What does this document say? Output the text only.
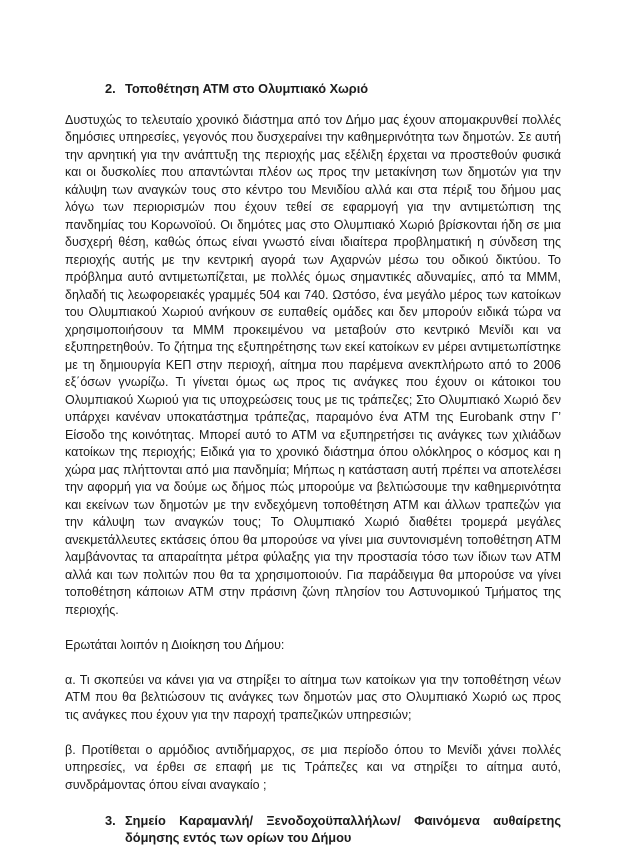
2. Τοποθέτηση ΑΤΜ στο Ολυμπιακό Χωριό

Δυστυχώς το τελευταίο χρονικό διάστημα από τον Δήμο μας έχουν απομακρυνθεί πολλές δημόσιες υπηρεσίες, γεγονός που δυσχεραίνει την καθημερινότητα των δημοτών. Σε αυτή την αρνητική για την ανάπτυξη της περιοχής μας εξέλιξη έρχεται να προστεθούν φυσικά και οι δυσκολίες που απαντώνται πλέον ως προς την μετακίνηση των δημοτών για την κάλυψη των αναγκών τους στο κέντρο του Μενιδίου αλλά και στα πέριξ του δήμου μας λόγω των περιορισμών που έχουν τεθεί σε εφαρμογή για την αντιμετώπιση της πανδημίας του Κορωνοϊού. Οι δημότες μας στο Ολυμπιακό Χωριό βρίσκονται ήδη σε μια δυσχερή θέση, καθώς όπως είναι γνωστό είναι ιδιαίτερα προβληματική η σύνδεση της περιοχής αυτής με την κεντρική αγορά των Αχαρνών μέσω του οδικού δικτύου. Το πρόβλημα αυτό αντιμετωπίζεται, με πολλές όμως σημαντικές αδυναμίες, από τα ΜΜΜ, δηλαδή τις λεωφορειακές γραμμές 504 και 740. Ωστόσο, ένα μεγάλο μέρος των κατοίκων του Ολυμπιακού Χωριού ανήκουν σε ευπαθείς ομάδες και δεν μπορούν ειδικά τώρα να χρησιμοποιήσουν τα ΜΜΜ προκειμένου να μεταβούν στο κεντρικό Μενίδι και να εξυπηρετηθούν. Το ζήτημα της εξυπηρέτησης των εκεί κατοίκων εν μέρει αντιμετωπίστηκε με τη δημιουργία ΚΕΠ στην περιοχή, αίτημα που παρέμενα ανεκπλήρωτο από το 2006 εξ΄όσων γνωρίζω. Τι γίνεται όμως ως προς τις ανάγκες που έχουν οι κάτοικοι του Ολυμπιακού Χωριού για τις υποχρεώσεις τους με τις τράπεζες; Στο Ολυμπιακό Χωριό δεν υπάρχει κανέναν υποκατάστημα τράπεζας, παραμόνο ένα ΑΤΜ της Eurobank στην Γ’ Είσοδο της κοινότητας. Μπορεί αυτό το ΑΤΜ να εξυπηρετήσει τις ανάγκες των χιλιάδων κατοίκων της περιοχής; Ειδικά για το χρονικό διάστημα όπου ολόκληρος ο κόσμος και η χώρα μας πλήττονται από μια πανδημία; Μήπως η κατάσταση αυτή πρέπει να αποτελέσει την αφορμή για να δούμε ως δήμος πώς μπορούμε να βελτιώσουμε την καθημερινότητα και εκείνων των δημοτών με την ενδεχόμενη τοποθέτηση ΑΤΜ και άλλων τραπεζών για την κάλυψη των αναγκών τους; Το Ολυμπιακό Χωριό διαθέτει τρομερά μεγάλες ανεκμετάλλευτες εκτάσεις όπου θα μπορούσε να γίνει μια συντονισμένη τοποθέτηση ΑΤΜ λαμβάνοντας τα απαραίτητα μέτρα φύλαξης για την προστασία τόσο των ίδιων των ΑΤΜ αλλά και των πολιτών που θα τα χρησιμοποιούν. Για παράδειγμα θα μπορούσε να γίνει τοποθέτηση κάποιων ΑΤΜ στην πράσινη ζώνη πλησίον του Αστυνομικού Τμήματος της περιοχής.

Ερωτάται λοιπόν η Διοίκηση του Δήμου:

α. Τι σκοπεύει να κάνει για να στηρίξει το αίτημα των κατοίκων για την τοποθέτηση νέων ΑΤΜ που θα βελτιώσουν τις ανάγκες των δημοτών μας στο Ολυμπιακό Χωριό ως προς τις ανάγκες που έχουν για την παροχή τραπεζικών υπηρεσιών;

β. Προτίθεται ο αρμόδιος αντιδήμαρχος, σε μια περίοδο όπου το Μενίδι χάνει πολλές υπηρεσίες, να έρθει σε επαφή με τις Τράπεζες και να στηρίξει το αίτημα αυτό, συνδράμοντας όπου είναι αναγκαίο ;

3. Σημείο Καραμανλή/ Ξενοδοχοϋπαλλήλων/ Φαινόμενα αυθαίρετης δόμησης εντός των ορίων του Δήμου
